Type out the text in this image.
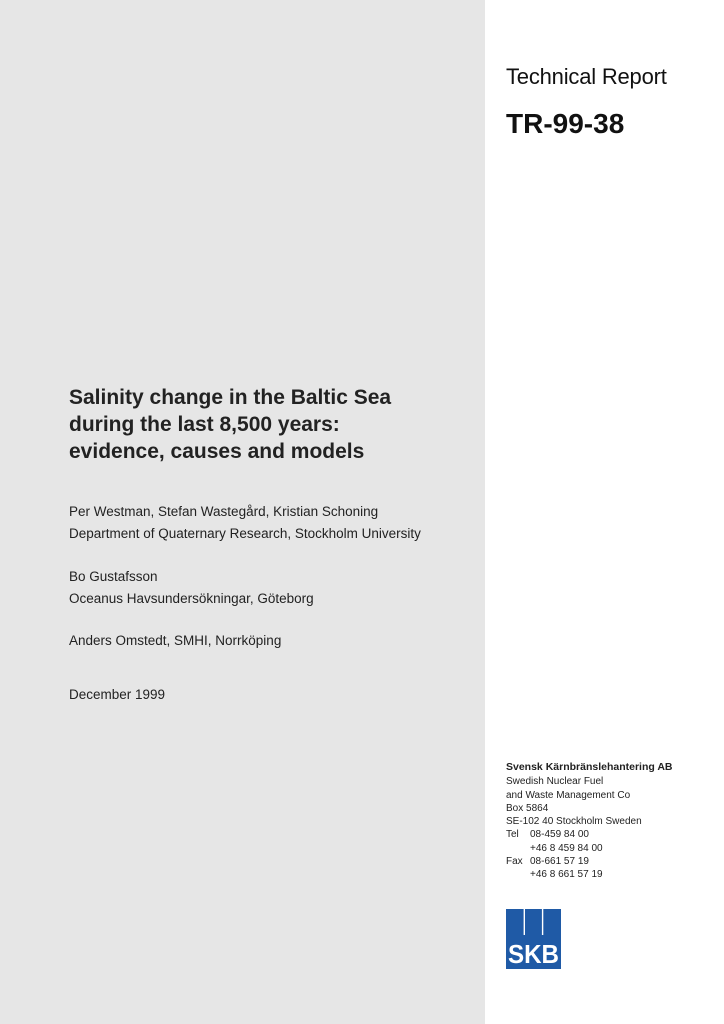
Technical Report
TR-99-38
Salinity change in the Baltic Sea
during the last 8,500 years:
evidence, causes and models
Per Westman, Stefan Wastegård, Kristian Schoning
Department of Quaternary Research, Stockholm University
Bo Gustafsson
Oceanus Havsundersökningar, Göteborg
Anders Omstedt, SMHI, Norrköping
December 1999
Svensk Kärnbränslehantering AB
Swedish Nuclear Fuel
and Waste Management Co
Box 5864
SE-102 40 Stockholm Sweden
Tel	08-459 84 00
+46 8 459 84 00
Fax 08-661 57 19
+46 8 661 57 19
SKB
